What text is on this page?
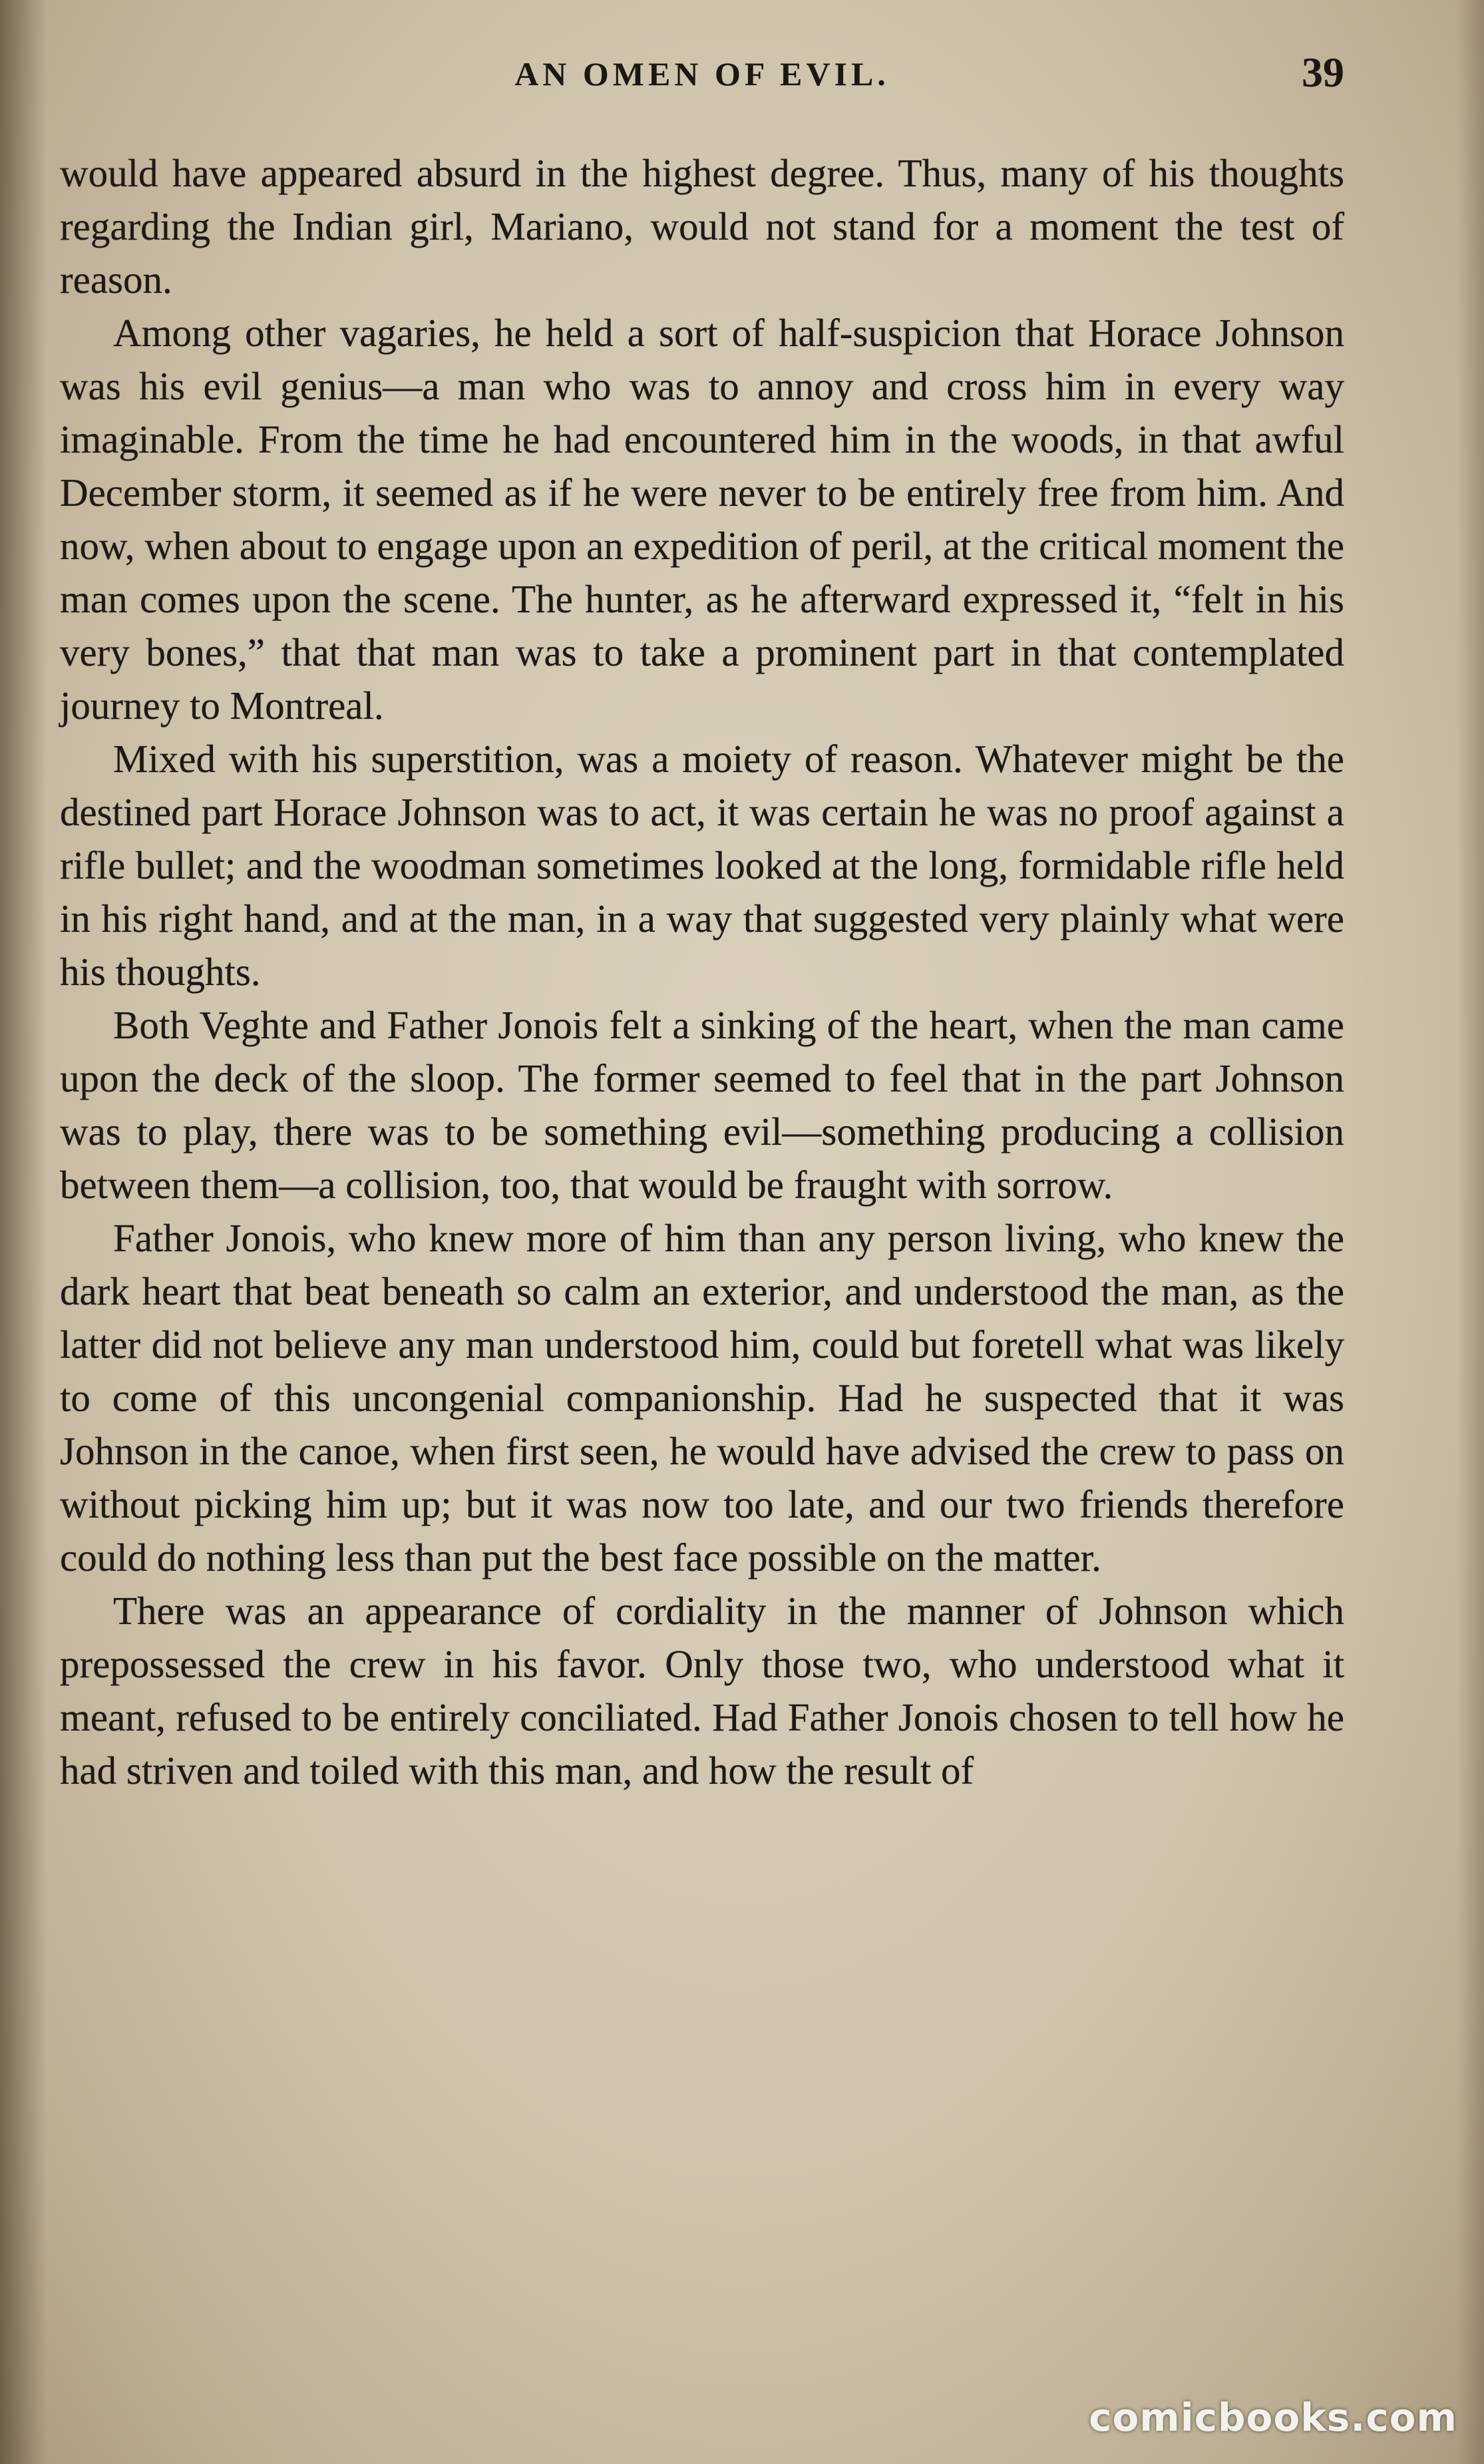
AN OMEN OF EVIL.	39

would have appeared absurd in the highest degree. Thus, many of his thoughts regarding the Indian girl, Mariano, would not stand for a moment the test of reason.

Among other vagaries, he held a sort of half-suspicion that Horace Johnson was his evil genius—a man who was to annoy and cross him in every way imaginable. From the time he had encountered him in the woods, in that awful December storm, it seemed as if he were never to be entirely free from him. And now, when about to engage upon an expedition of peril, at the critical moment the man comes upon the scene. The hunter, as he afterward expressed it, “felt in his very bones,” that that man was to take a prominent part in that contemplated journey to Montreal.

Mixed with his superstition, was a moiety of reason. Whatever might be the destined part Horace Johnson was to act, it was certain he was no proof against a rifle bullet; and the woodman sometimes looked at the long, formidable rifle held in his right hand, and at the man, in a way that suggested very plainly what were his thoughts.

Both Veghte and Father Jonois felt a sinking of the heart, when the man came upon the deck of the sloop. The former seemed to feel that in the part Johnson was to play, there was to be something evil—something producing a collision between them—a collision, too, that would be fraught with sorrow.

Father Jonois, who knew more of him than any person living, who knew the dark heart that beat beneath so calm an exterior, and understood the man, as the latter did not believe any man understood him, could but foretell what was likely to come of this uncongenial companionship. Had he suspected that it was Johnson in the canoe, when first seen, he would have advised the crew to pass on without picking him up; but it was now too late, and our two friends therefore could do nothing less than put the best face possible on the matter.

There was an appearance of cordiality in the manner of Johnson which prepossessed the crew in his favor. Only those two, who understood what it meant, refused to be entirely conciliated. Had Father Jonois chosen to tell how he had striven and toiled with this man, and how the result of

comicbooks.com
